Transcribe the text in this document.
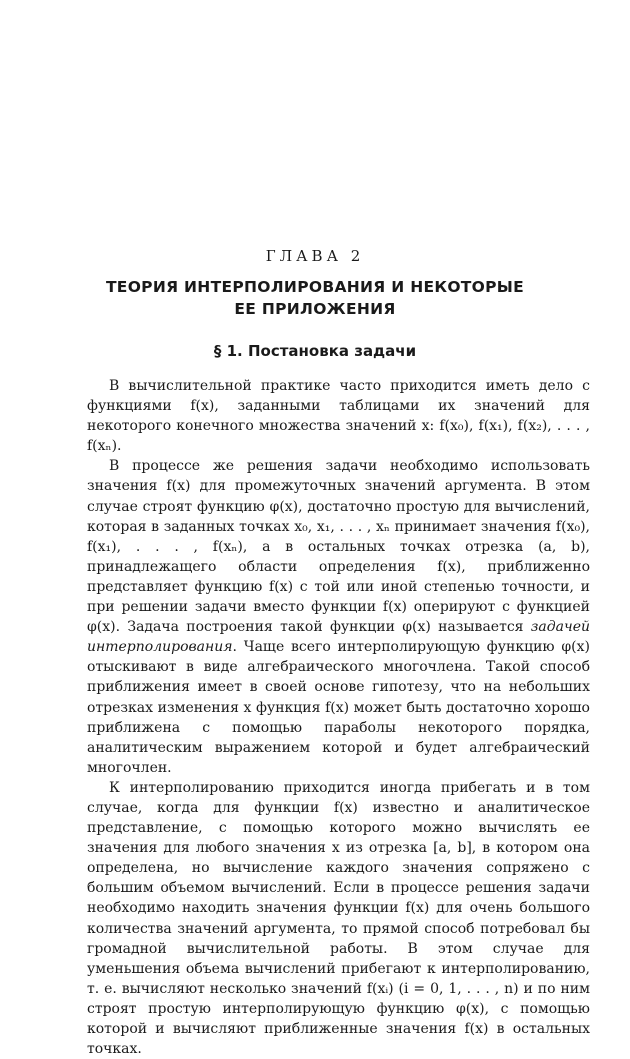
ГЛАВА 2
ТЕОРИЯ ИНТЕРПОЛИРОВАНИЯ И НЕКОТОРЫЕ
ЕЕ ПРИЛОЖЕНИЯ
§ 1. Постановка задачи

В вычислительной практике часто приходится иметь дело с функциями f(x), заданными таблицами их значений для некоторого конечного множества значений x: f(x₀), f(x₁), f(x₂), . . . , f(xₙ).

В процессе же решения задачи необходимо использовать значения f(x) для промежуточных значений аргумента. В этом случае строят функцию φ(x), достаточно простую для вычислений, которая в заданных точках x₀, x₁, . . . , xₙ принимает значения f(x₀), f(x₁), . . . , f(xₙ), а в остальных точках отрезка (a, b), принадлежащего области определения f(x), приближенно представляет функцию f(x) с той или иной степенью точности, и при решении задачи вместо функции f(x) оперируют с функцией φ(x). Задача построения такой функции φ(x) называется задачей интерполирования. Чаще всего интерполирующую функцию φ(x) отыскивают в виде алгебраического многочлена. Такой способ приближения имеет в своей основе гипотезу, что на небольших отрезках изменения x функция f(x) может быть достаточно хорошо приближена с помощью параболы некоторого порядка, аналитическим выражением которой и будет алгебраический многочлен.

К интерполированию приходится иногда прибегать и в том случае, когда для функции f(x) известно и аналитическое представление, с помощью которого можно вычислять ее значения для любого значения x из отрезка [a, b], в котором она определена, но вычисление каждого значения сопряжено с большим объемом вычислений. Если в процессе решения задачи необходимо находить значения функции f(x) для очень большого количества значений аргумента, то прямой способ потребовал бы громадной вычислительной работы. В этом случае для уменьшения объема вычислений прибегают к интерполированию, т. е. вычисляют несколько значений f(xᵢ) (i = 0, 1, . . . , n) и по ним строят простую интерполирующую функцию φ(x), с помощью которой и вычисляют приближенные значения f(x) в остальных точках.
